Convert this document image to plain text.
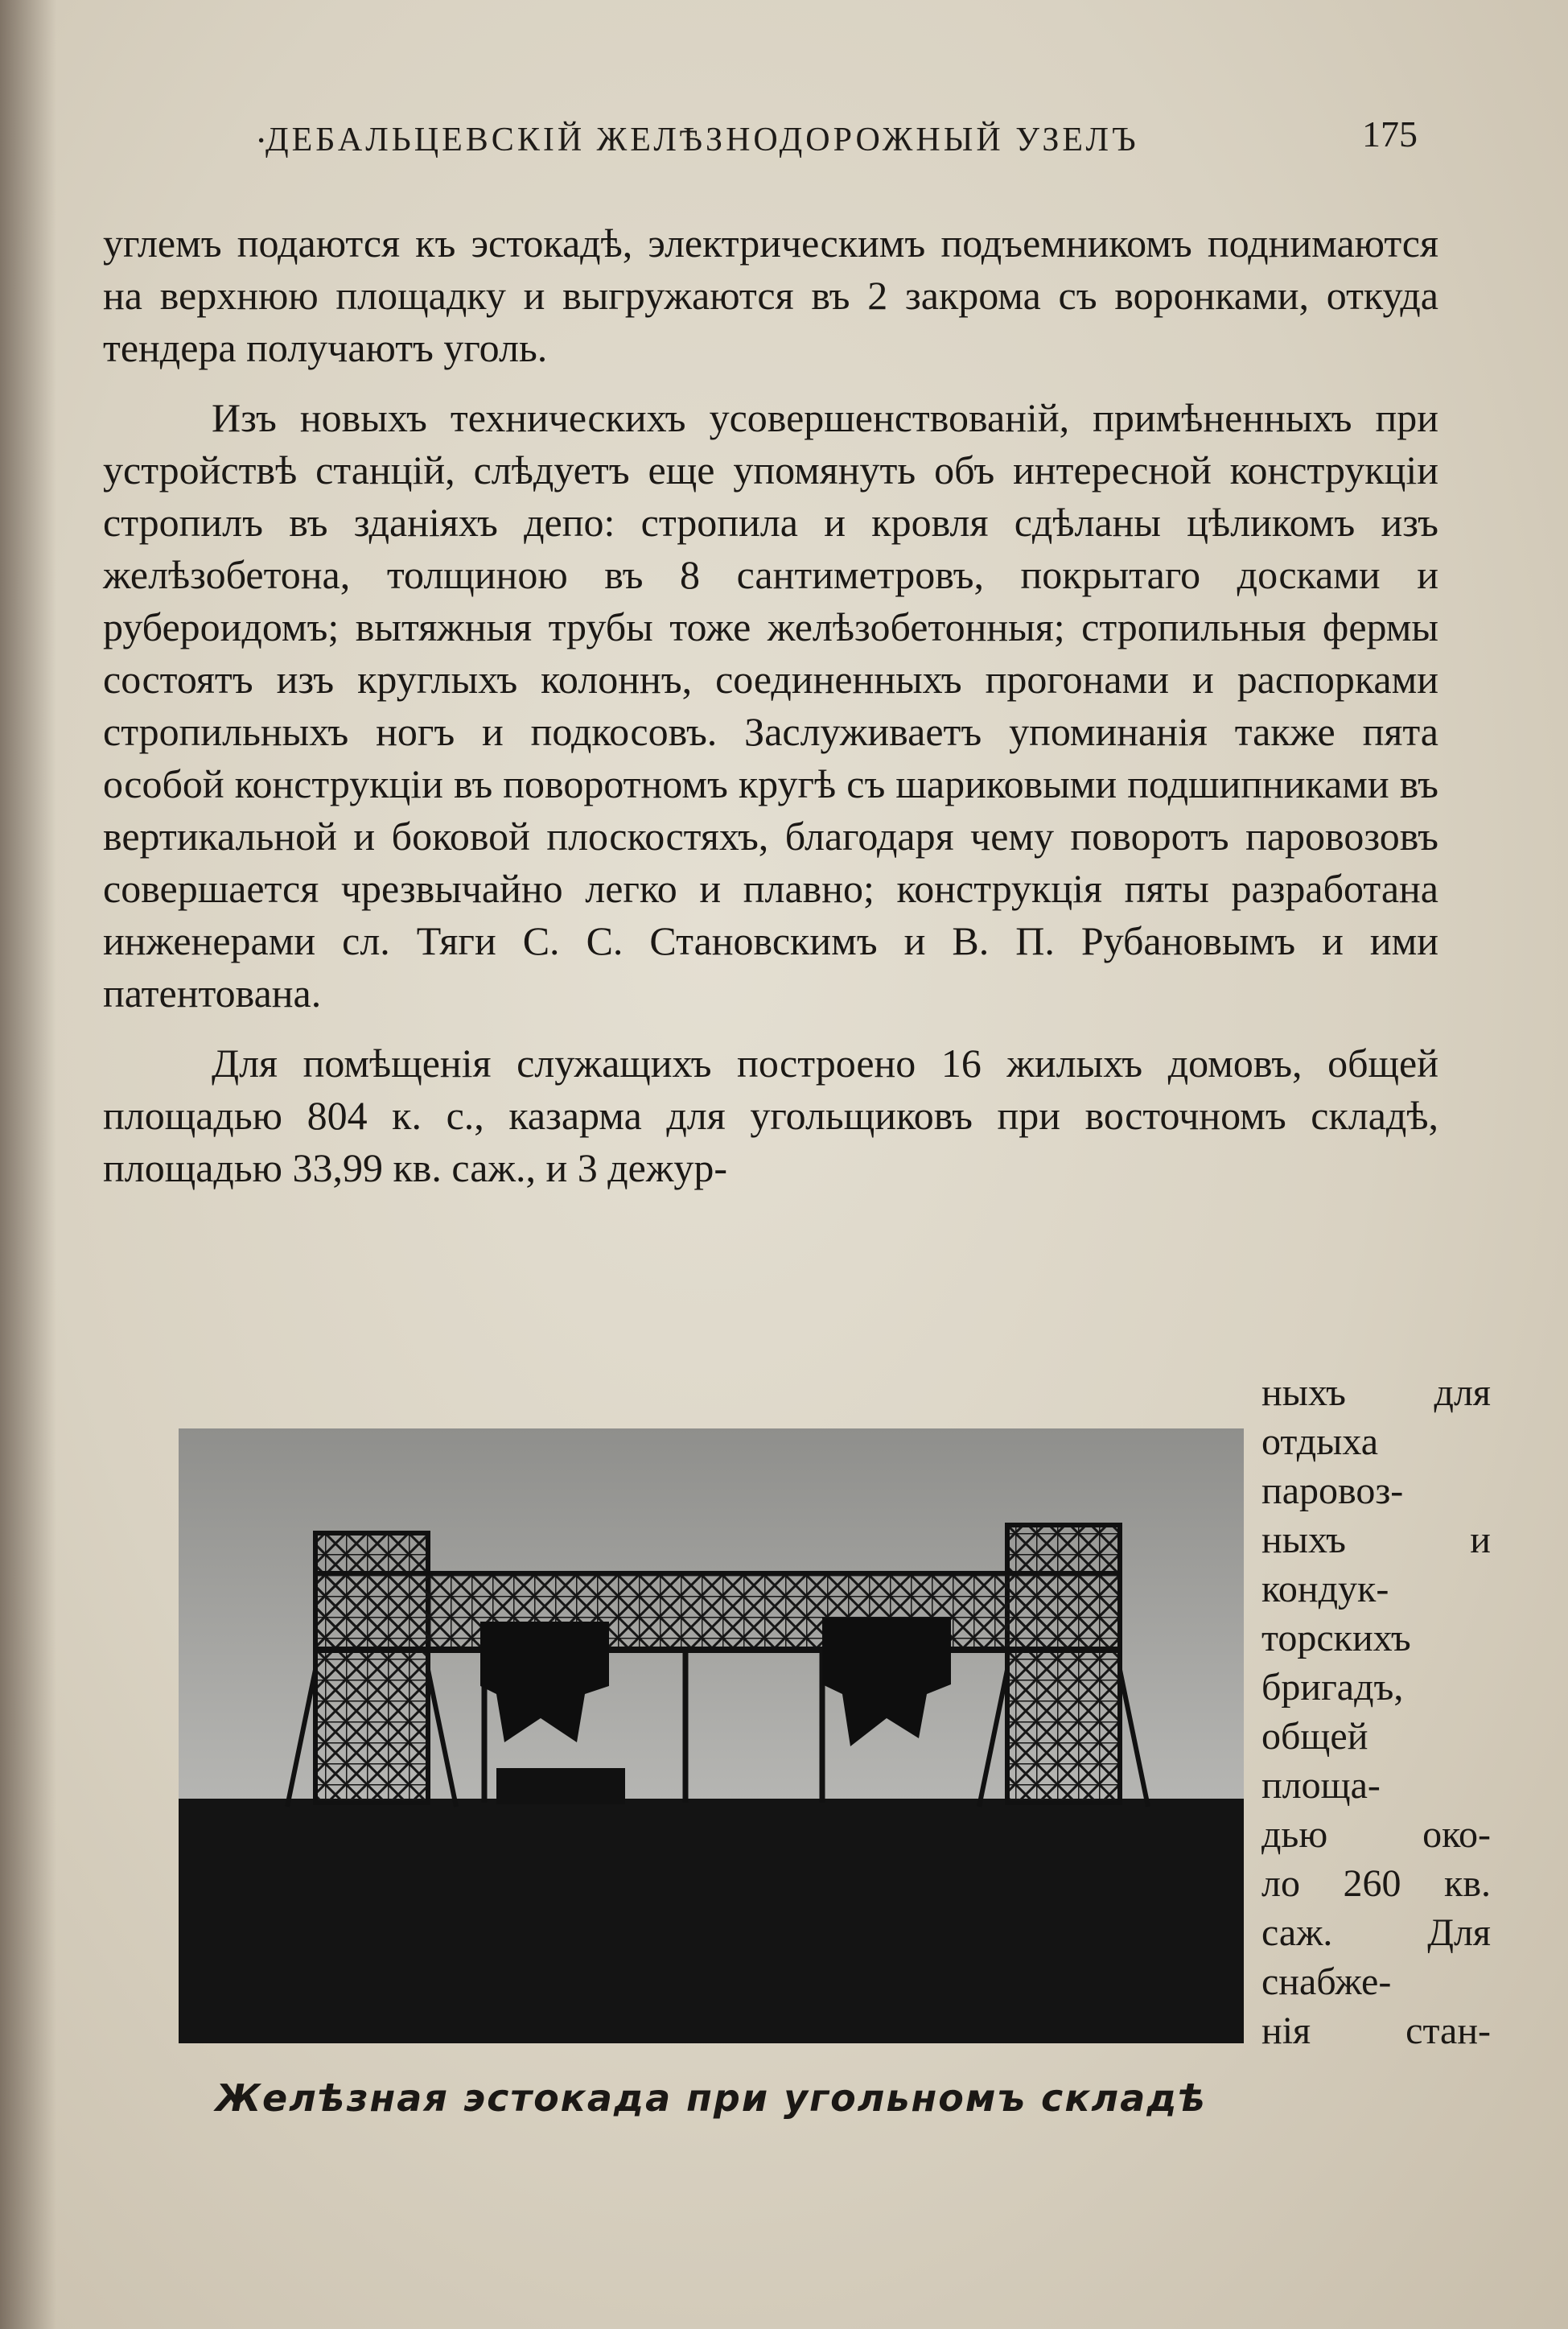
·
ДЕБАЛЬЦЕВСКIЙ ЖЕЛѢЗНОДОРОЖНЫЙ УЗЕЛЪ	175

углемъ подаются къ эстокадѣ, электрическимъ подъемникомъ поднимаются на верхнюю площадку и выгружаются въ 2 закрома съ воронками, откуда тендера получаютъ уголь.

Изъ новыхъ техническихъ усовершенствованій, примѣненныхъ при устройствѣ станцій, слѣдуетъ еще упомянуть объ интересной конструкціи стропилъ въ зданіяхъ депо: стропила и кровля сдѣланы цѣликомъ изъ желѣзобетона, толщиною въ 8 сантиметровъ, покрытаго досками и рубероидомъ; вытяжныя трубы тоже желѣзобетонныя; стропильныя фермы состоятъ изъ круглыхъ колоннъ, соединенныхъ прогонами и распорками стропильныхъ ногъ и подкосовъ. Заслуживаетъ упоминанія также пята особой конструкціи въ поворотномъ кругѣ съ шариковыми подшипниками въ вертикальной и боковой плоскостяхъ, благодаря чему поворотъ паровозовъ совершается чрезвычайно легко и плавно; конструкція пяты разработана инженерами сл. Тяги С. С. Становскимъ и В. П. Рубановымъ и ими патентована.

Для помѣщенія служащихъ построено 16 жилыхъ домовъ, общей площадью 804 к. с., казарма для угольщиковъ при восточномъ складѣ, площадью 33,99 кв. саж., и 3 дежур-

ныхъ для
отдыха
паровоз-
ныхъ и
кондук-
торскихъ
бригадъ,
общей
площа-
дью око-
ло 260 кв.
саж. Для
снабже-
нія стан-
Желѣзная эстокада при угольномъ складѣ
